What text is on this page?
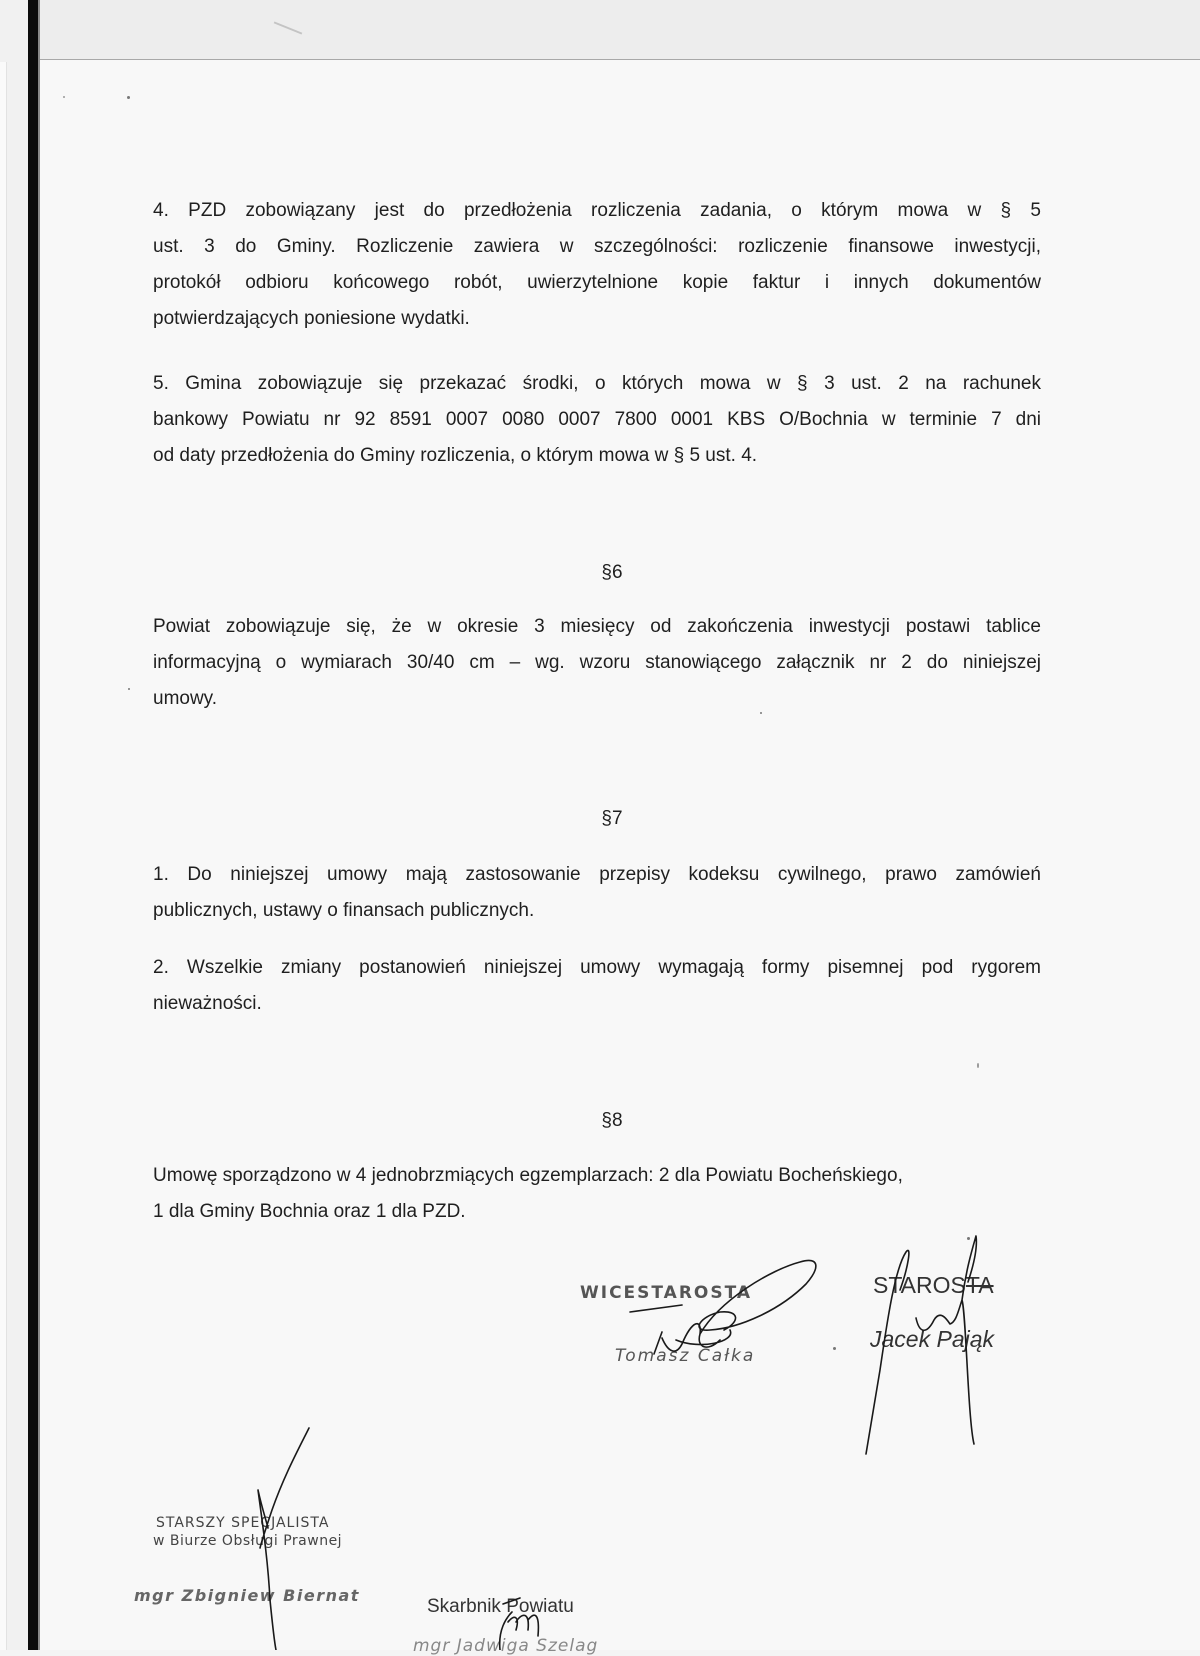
4. PZD zobowiązany jest do przedłożenia rozliczenia zadania, o którym mowa w § 5
ust. 3 do Gminy. Rozliczenie zawiera w szczególności: rozliczenie finansowe inwestycji,
protokół odbioru końcowego robót, uwierzytelnione kopie faktur i innych dokumentów
potwierdzających poniesione wydatki.
5. Gmina zobowiązuje się przekazać środki, o których mowa w § 3 ust. 2 na rachunek
bankowy Powiatu nr 92 8591 0007 0080 0007 7800 0001 KBS O/Bochnia w terminie 7 dni
od daty przedłożenia do Gminy rozliczenia, o którym mowa w § 5 ust. 4.
§6
Powiat zobowiązuje się, że w okresie 3 miesięcy od zakończenia inwestycji postawi tablice
informacyjną o wymiarach 30/40 cm – wg. wzoru stanowiącego załącznik nr 2 do niniejszej
umowy.
§7
1. Do niniejszej umowy mają zastosowanie przepisy kodeksu cywilnego, prawo zamówień
publicznych, ustawy o finansach publicznych.
2. Wszelkie zmiany postanowień niniejszej umowy wymagają formy pisemnej pod rygorem
nieważności.
§8
Umowę sporządzono w 4 jednobrzmiących egzemplarzach: 2 dla Powiatu Bocheńskiego,
1 dla Gminy Bochnia oraz 1 dla PZD.
WICESTAROSTA
Tomasz Całka
STAROSTA
Jacek Pająk
STARSZY SPECJALISTA
w Biurze Obsługi Prawnej
mgr Zbigniew Biernat
Skarbnik Powiatu
mgr Jadwiga Szelag
